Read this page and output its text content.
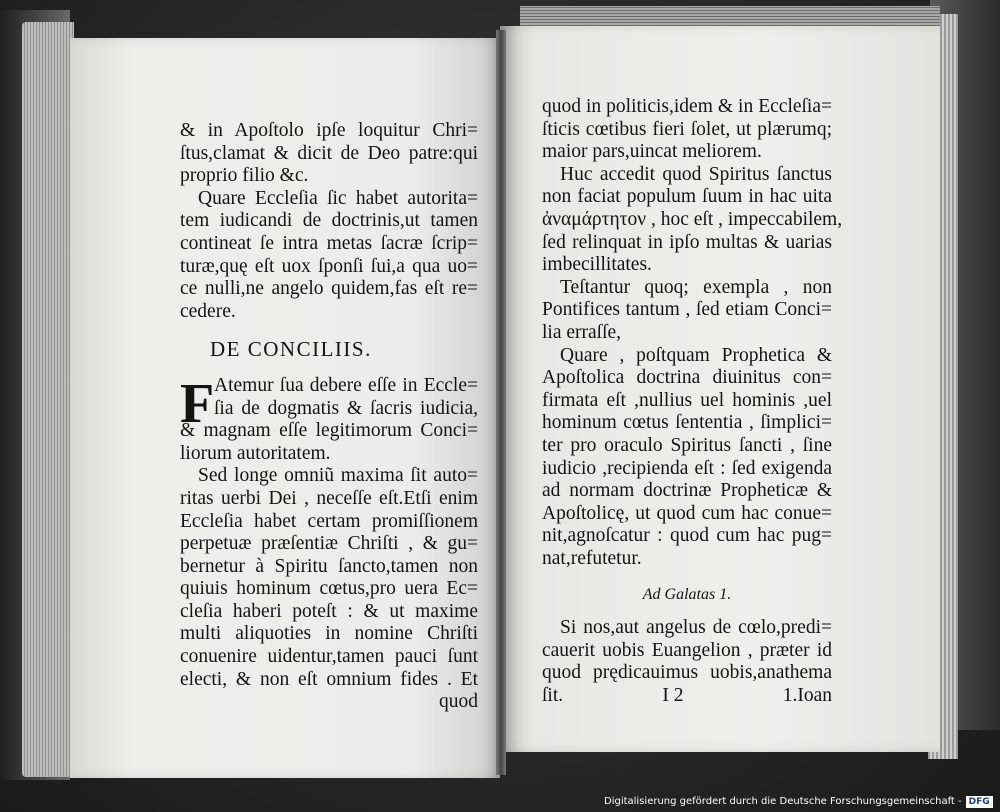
& in Apoſtolo ipſe loquitur Chri=
ſtus,clamat & dicit de Deo patre:qui
proprio filio &c.

Quare Eccleſia ſic habet autorita=
tem iudicandi de doctrinis,ut tamen
contineat ſe intra metas ſacræ ſcrip=
turæ,quę eſt uox ſponſi ſui,a qua uo=
ce nulli,ne angelo quidem,fas eſt re=
cedere.

DE CONCILIIS.
F Atemur ſua debere eſſe in Eccle=
ſia de dogmatis & ſacris iudicia,
& magnam eſſe legitimorum Conci=
liorum autoritatem.

Sed longe omniũ maxima ſit auto=
ritas uerbi Dei , neceſſe eſt.Etſi enim
Eccleſia habet certam promiſſionem
perpetuæ præſentiæ Chriſti , & gu=
bernetur à Spiritu ſancto,tamen non
quiuis hominum cœtus,pro uera Ec=
cleſia haberi poteſt : & ut maxime
multi aliquoties in nomine Chriſti
conuenire uidentur,tamen pauci ſunt
electi, & non eſt omnium fides . Et

quod

quod in politicis,idem & in Eccleſia=
ſticis cœtibus fieri ſolet, ut plærumq;
maior pars,uincat meliorem.

Huc accedit quod Spiritus ſanctus
non faciat populum ſuum in hac uita
ἀναμάρτητον , hoc eſt , impeccabilem,
ſed relinquat in ipſo multas & uarias
imbecillitates.

Teſtantur quoq; exempla , non
Pontifices tantum , ſed etiam Conci=
lia erraſſe,

Quare , poſtquam Prophetica &
Apoſtolica doctrina diuinitus con=
firmata eſt ,nullius uel hominis ,uel
hominum cœtus ſententia , ſimplici=
ter pro oraculo Spiritus ſancti , ſine
iudicio ,recipienda eſt : ſed exigenda
ad normam doctrinæ Propheticæ &
Apoſtolicę, ut quod cum hac conue=
nit,agnoſcatur : quod cum hac pug=
nat,refutetur.

Ad Galatas 1.

Si nos,aut angelus de cœlo,predi=
cauerit uobis Euangelion , præter id
quod prędicauimus uobis,anathema

ſit.	I 2	1.Ioan
Digitalisierung gefördert durch die Deutsche Forschungsgemeinschaft - DFG
